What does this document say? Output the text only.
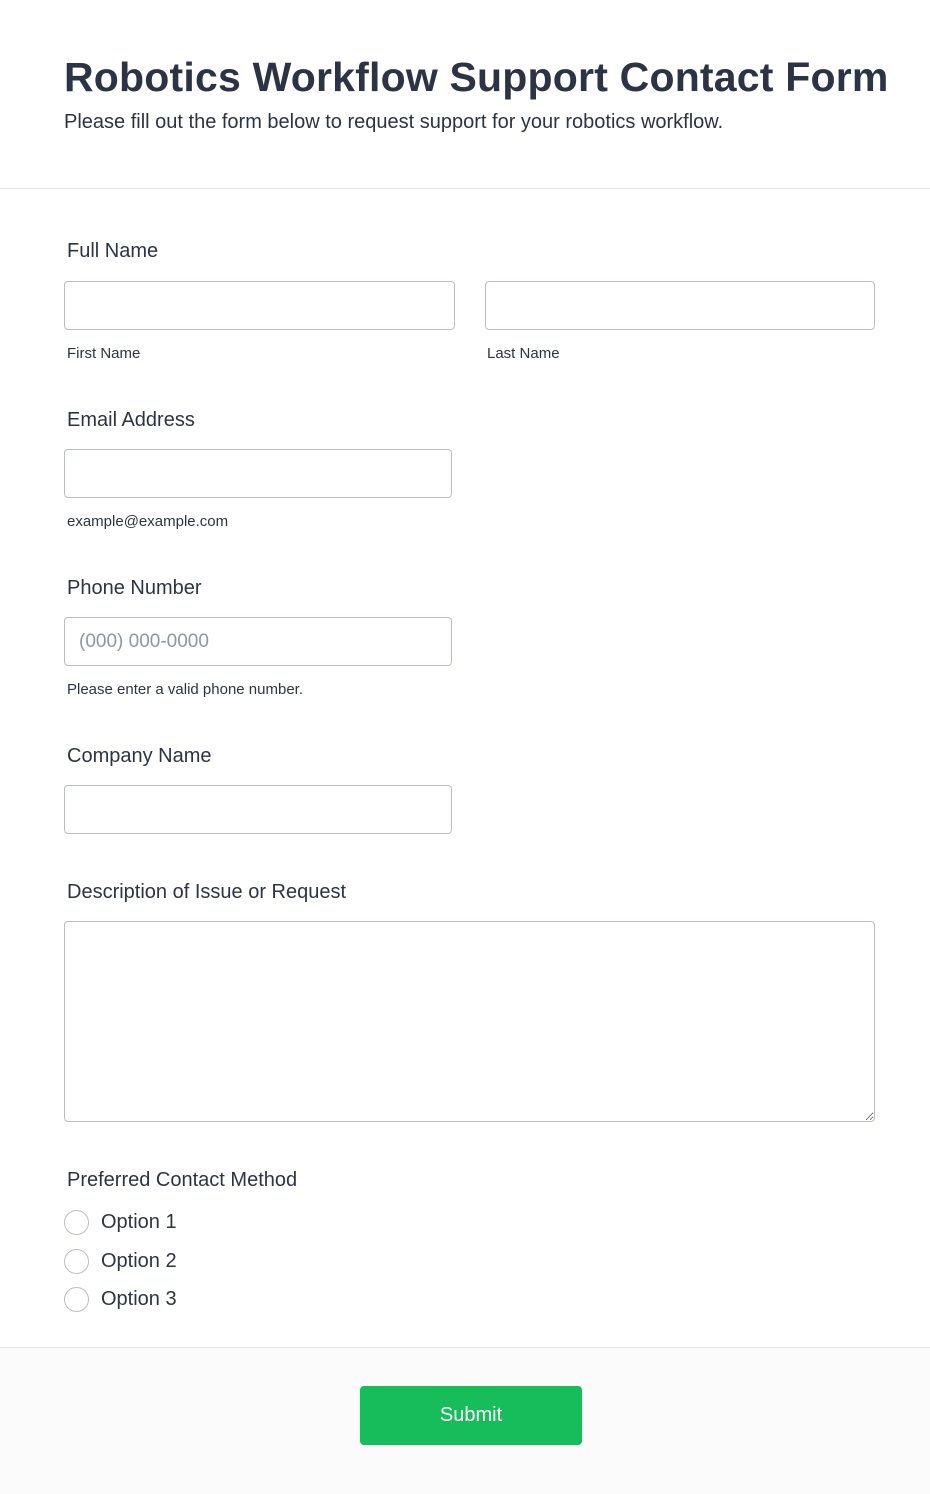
Robotics Workflow Support Contact Form
Please fill out the form below to request support for your robotics workflow.
Full Name
First Name	Last Name
Email Address
example@example.com
Phone Number
(000) 000-0000
Please enter a valid phone number.
Company Name
Description of Issue or Request
Preferred Contact Method
Option 1
Option 2
Option 3
Submit
